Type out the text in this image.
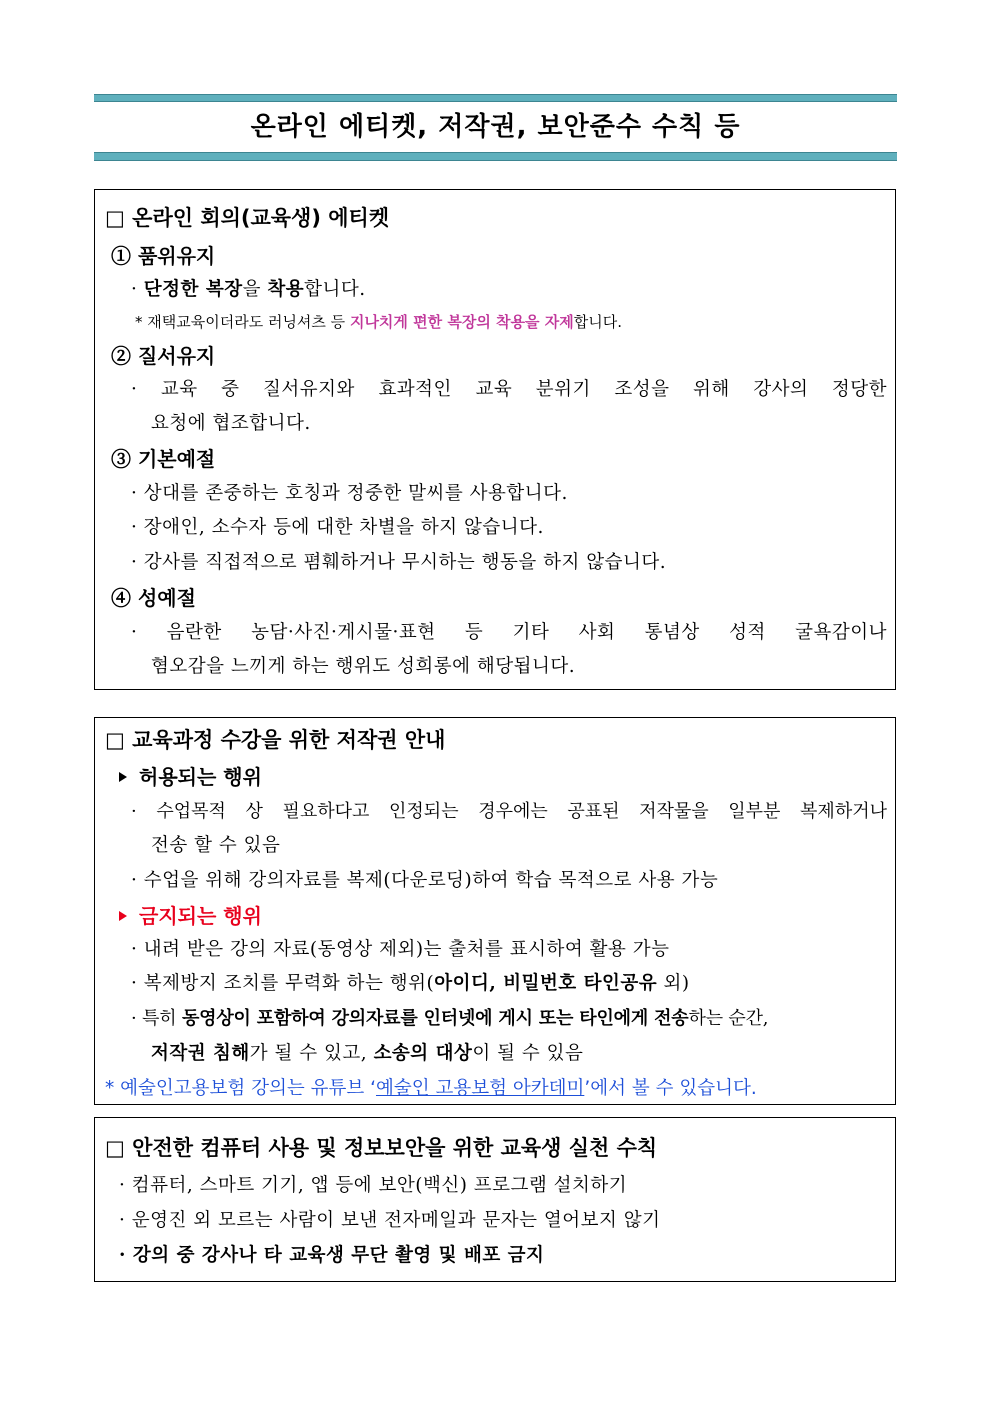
온라인 에티켓, 저작권, 보안준수 수칙 등
□ 온라인 회의(교육생) 에티켓
① 품위유지
· 단정한 복장을 착용합니다.
* 재택교육이더라도 러닝셔츠 등 지나치게 편한 복장의 착용을 자제합니다.
② 질서유지
· 교육 중 질서유지와 효과적인 교육 분위기 조성을 위해 강사의 정당한
요청에 협조합니다.
③ 기본예절
· 상대를 존중하는 호칭과 정중한 말씨를 사용합니다.
· 장애인, 소수자 등에 대한 차별을 하지 않습니다.
· 강사를 직접적으로 폄훼하거나 무시하는 행동을 하지 않습니다.
④ 성예절
· 음란한 농담·사진·게시물·표현 등 기타 사회 통념상 성적 굴욕감이나
혐오감을 느끼게 하는 행위도 성희롱에 해당됩니다.
□ 교육과정 수강을 위한 저작권 안내
허용되는 행위
· 수업목적 상 필요하다고 인정되는 경우에는 공표된 저작물을 일부분 복제하거나
전송 할 수 있음
· 수업을 위해 강의자료를 복제(다운로딩)하여 학습 목적으로 사용 가능
금지되는 행위
· 내려 받은 강의 자료(동영상 제외)는 출처를 표시하여 활용 가능
· 복제방지 조치를 무력화 하는 행위(아이디, 비밀번호 타인공유 외)
· 특히 동영상이 포함하여 강의자료를 인터넷에 게시 또는 타인에게 전송하는 순간,
저작권 침해가 될 수 있고, 소송의 대상이 될 수 있음
* 예술인고용보험 강의는 유튜브 ‘예술인 고용보험 아카데미’에서 볼 수 있습니다.
□ 안전한 컴퓨터 사용 및 정보보안을 위한 교육생 실천 수칙
· 컴퓨터, 스마트 기기, 앱 등에 보안(백신) 프로그램 설치하기
· 운영진 외 모르는 사람이 보낸 전자메일과 문자는 열어보지 않기
· 강의 중 강사나 타 교육생 무단 촬영 및 배포 금지
